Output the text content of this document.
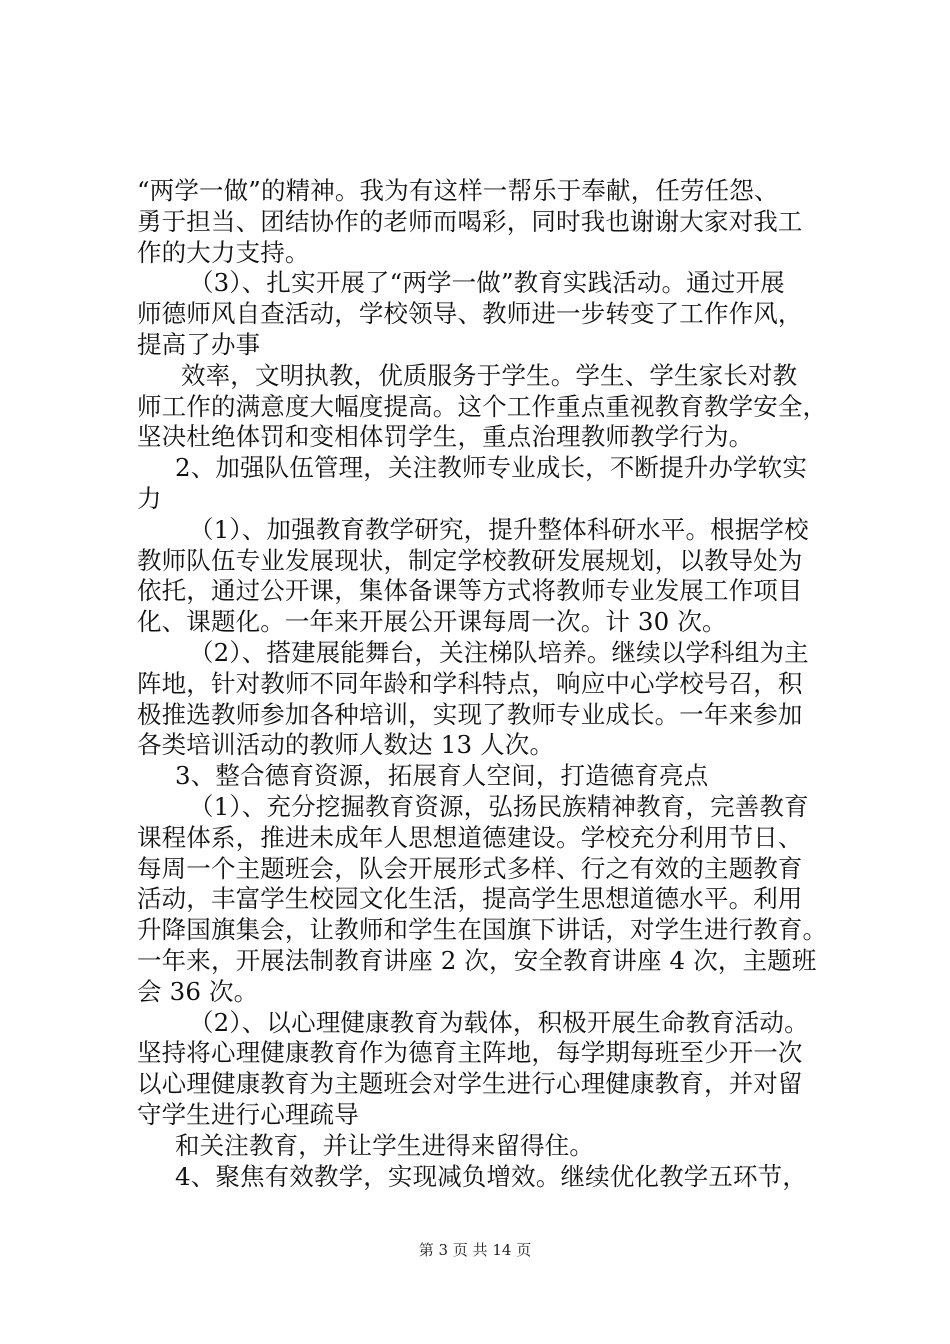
“两学一做”的精神。我为有这样一帮乐于奉献，任劳任怨、
勇于担当、团结协作的老师而喝彩，同时我也谢谢大家对我工
作的大力支持。
（3）、扎实开展了“两学一做”教育实践活动。通过开展
师德师风自查活动，学校领导、教师进一步转变了工作作风，
提高了办事
效率，文明执教，优质服务于学生。学生、学生家长对教
师工作的满意度大幅度提高。这个工作重点重视教育教学安全，
坚决杜绝体罚和变相体罚学生，重点治理教师教学行为。
2、加强队伍管理，关注教师专业成长，不断提升办学软实
力
（1）、加强教育教学研究，提升整体科研水平。根据学校
教师队伍专业发展现状，制定学校教研发展规划，以教导处为
依托，通过公开课，集体备课等方式将教师专业发展工作项目
化、课题化。一年来开展公开课每周一次。计 30 次。
（2）、搭建展能舞台，关注梯队培养。继续以学科组为主
阵地，针对教师不同年龄和学科特点，响应中心学校号召，积
极推选教师参加各种培训，实现了教师专业成长。一年来参加
各类培训活动的教师人数达 13 人次。
3、整合德育资源，拓展育人空间，打造德育亮点
（1）、充分挖掘教育资源，弘扬民族精神教育，完善教育
课程体系，推进未成年人思想道德建设。学校充分利用节日、
每周一个主题班会，队会开展形式多样、行之有效的主题教育
活动，丰富学生校园文化生活，提高学生思想道德水平。利用
升降国旗集会，让教师和学生在国旗下讲话，对学生进行教育。
一年来，开展法制教育讲座 2 次，安全教育讲座 4 次，主题班
会 36 次。
（2）、以心理健康教育为载体，积极开展生命教育活动。
坚持将心理健康教育作为德育主阵地，每学期每班至少开一次
以心理健康教育为主题班会对学生进行心理健康教育，并对留
守学生进行心理疏导
和关注教育，并让学生进得来留得住。
4、聚焦有效教学，实现减负增效。继续优化教学五环节，
第 3 页 共 14 页
